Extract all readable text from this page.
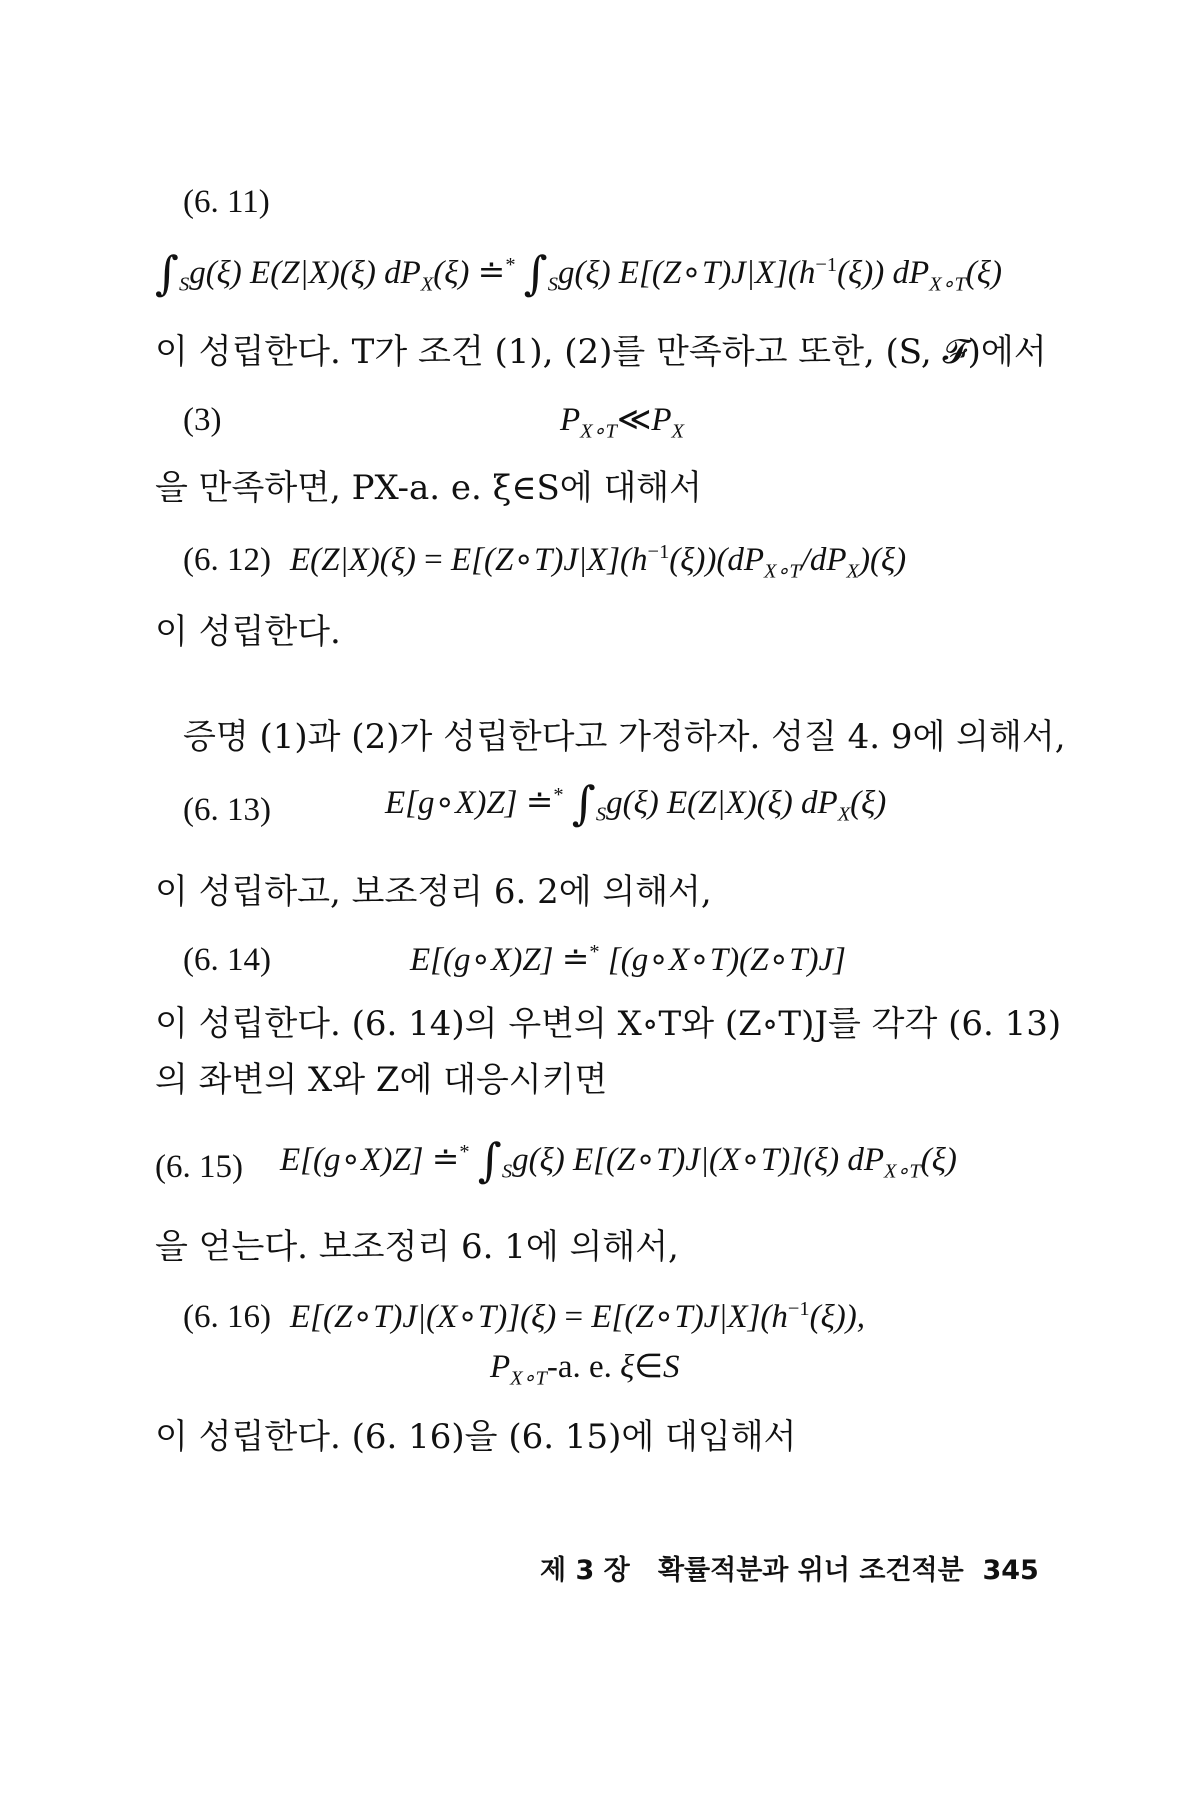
(6. 11)
$\int_Sg(\xi)$ E(Z|X)(ξ) $dP_X(\xi)$ ≐* $\int_Sg(\xi)$ $E[(Z\circ T)J|X](h^{-1}(\xi))$ $dP_{X\circ T}(\xi)$
이 성립한다. T가 조건 (1), (2)를 만족하고 또한, (S, 𝓕)에서
(3)	$P_{X\circ T}≪P_X$
을 만족하면, PX-a. e. ξ∈S에 대해서
(6. 12) $E(Z|X)(\xi) = E[(Z\circ T)J|X](h^{-1}(\xi))(dP_{X\circ T}/dP_X)(\xi)$
이 성립한다.
증명 (1)과 (2)가 성립한다고 가정하자. 성질 4. 9에 의해서,
(6. 13)	E[g∘X)Z] ≐* $\int_Sg(\xi)$ E(Z|X)(ξ) $dP_X(\xi)$
이 성립하고, 보조정리 6. 2에 의해서,
(6. 14)	E[(g∘X)Z] ≐* [(g∘X∘T)(Z∘T)J]
이 성립한다. (6. 14)의 우변의 X∘T와 (Z∘T)J를 각각 (6. 13)
의 좌변의 X와 Z에 대응시키면
(6. 15) E[(g∘X)Z] ≐* $\int_Sg(\xi)$ E[(Z∘T)J|(X∘T)](ξ) $dP_{X\circ T}(\xi)$
을 얻는다. 보조정리 6. 1에 의해서,
(6. 16) E[(Z∘T)J|(X∘T)](ξ) = $E[(Z\circ T)J|X](h^{-1}(\xi))$,
$P_{X\circ T}-a$. e. ξ∈S
이 성립한다. (6. 16)을 (6. 15)에 대입해서
제 3 장 확률적분과 위너 조건적분 345
